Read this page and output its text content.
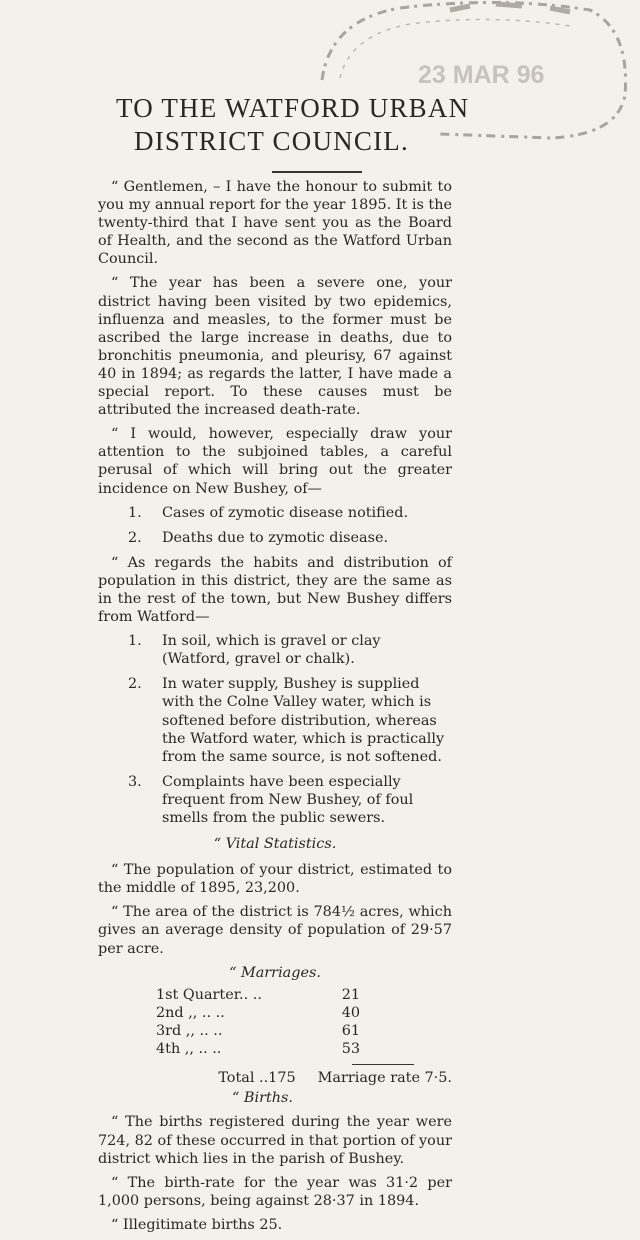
23 MAR 96
TO THE WATFORD URBAN
DISTRICT COUNCIL.

“ Gentlemen, – I have the honour to submit to you my annual report for the year 1895. It is the twenty-third that I have sent you as the Board of Health, and the second as the Watford Urban Council.

“ The year has been a severe one, your district having been visited by two epidemics, influenza and measles, to the former must be ascribed the large increase in deaths, due to bronchitis pneumonia, and pleurisy, 67 against 40 in 1894; as regards the latter, I have made a special report. To these causes must be attributed the increased death-rate.

“ I would, however, especially draw your attention to the subjoined tables, a careful perusal of which will bring out the greater incidence on New Bushey, of—

1.	Cases of zymotic disease notified.
2.	Deaths due to zymotic disease.

“ As regards the habits and distribution of population in this district, they are the same as in the rest of the town, but New Bushey differs from Watford—

1.	In soil, which is gravel or clay (Watford, gravel or chalk).
2.	In water supply, Bushey is supplied with the Colne Valley water, which is softened before distribution, whereas the Watford water, which is practically from the same source, is not softened.
3.	Complaints have been especially frequent from New Bushey, of foul smells from the public sewers.
“ Vital Statistics.

“ The population of your district, estimated to the middle of 1895, 23,200.

“ The area of the district is 784½ acres, which gives an average density of population of 29·57 per acre.

“ Marriages.
1st Quarter.. ..	21
2nd ,, .. ..	40
3rd ,, .. ..	61
4th ,, .. ..	53
Total .. 175	Marriage rate 7·5.
“ Births.

“ The births registered during the year were 724, 82 of these occurred in that portion of your district which lies in the parish of Bushey.

“ The birth-rate for the year was 31·2 per 1,000 persons, being against 28·37 in 1894.

“ Illegitimate births 25.
